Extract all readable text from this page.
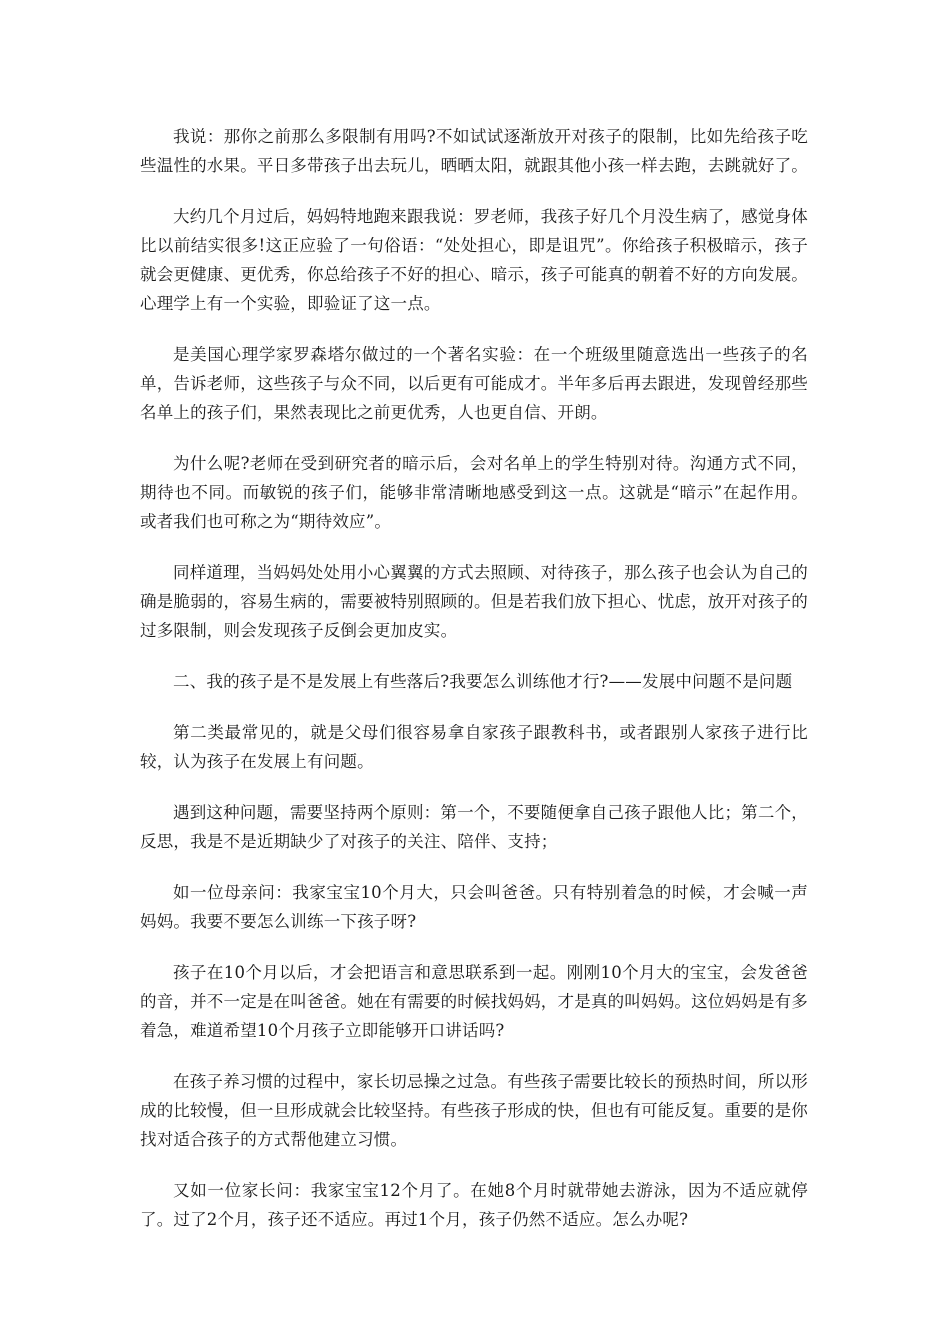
我说：那你之前那么多限制有用吗?不如试试逐渐放开对孩子的限制，比如先给孩子吃些温性的水果。平日多带孩子出去玩儿，晒晒太阳，就跟其他小孩一样去跑，去跳就好了。

大约几个月过后，妈妈特地跑来跟我说：罗老师，我孩子好几个月没生病了，感觉身体比以前结实很多!这正应验了一句俗语：“处处担心，即是诅咒”。你给孩子积极暗示，孩子就会更健康、更优秀，你总给孩子不好的担心、暗示，孩子可能真的朝着不好的方向发展。心理学上有一个实验，即验证了这一点。

是美国心理学家罗森塔尔做过的一个著名实验：在一个班级里随意选出一些孩子的名单，告诉老师，这些孩子与众不同，以后更有可能成才。半年多后再去跟进，发现曾经那些名单上的孩子们，果然表现比之前更优秀，人也更自信、开朗。

为什么呢?老师在受到研究者的暗示后，会对名单上的学生特别对待。沟通方式不同，期待也不同。而敏锐的孩子们，能够非常清晰地感受到这一点。这就是“暗示”在起作用。或者我们也可称之为“期待效应”。

同样道理，当妈妈处处用小心翼翼的方式去照顾、对待孩子，那么孩子也会认为自己的确是脆弱的，容易生病的，需要被特别照顾的。但是若我们放下担心、忧虑，放开对孩子的过多限制，则会发现孩子反倒会更加皮实。

二、我的孩子是不是发展上有些落后?我要怎么训练他才行?——发展中问题不是问题

第二类最常见的，就是父母们很容易拿自家孩子跟教科书，或者跟别人家孩子进行比较，认为孩子在发展上有问题。

遇到这种问题，需要坚持两个原则：第一个，不要随便拿自己孩子跟他人比；第二个，反思，我是不是近期缺少了对孩子的关注、陪伴、支持；

如一位母亲问：我家宝宝10个月大，只会叫爸爸。只有特别着急的时候，才会喊一声妈妈。我要不要怎么训练一下孩子呀?

孩子在10个月以后，才会把语言和意思联系到一起。刚刚10个月大的宝宝，会发爸爸的音，并不一定是在叫爸爸。她在有需要的时候找妈妈，才是真的叫妈妈。这位妈妈是有多着急，难道希望10个月孩子立即能够开口讲话吗?

在孩子养习惯的过程中，家长切忌操之过急。有些孩子需要比较长的预热时间，所以形成的比较慢，但一旦形成就会比较坚持。有些孩子形成的快，但也有可能反复。重要的是你找对适合孩子的方式帮他建立习惯。

又如一位家长问：我家宝宝12个月了。在她8个月时就带她去游泳，因为不适应就停了。过了2个月，孩子还不适应。再过1个月，孩子仍然不适应。怎么办呢?
